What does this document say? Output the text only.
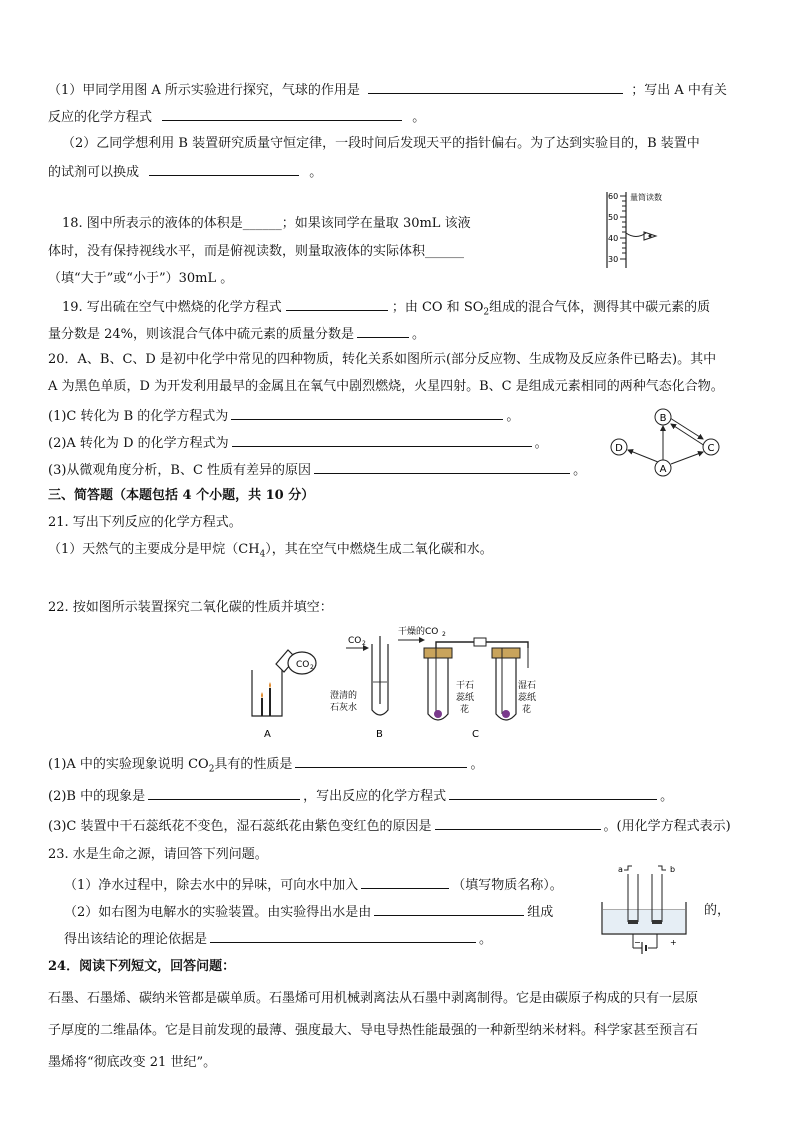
（1）甲同学用图 A 所示实验进行探究，气球的作用是	；写出 A 中有关
反应的化学方程式	。
（2）乙同学想利用 B 装置研究质量守恒定律，一段时间后发现天平的指针偏右。为了达到实验目的，B 装置中
的试剂可以换成	。
18. 图中所表示的液体的体积是______；如果该同学在量取 30mL 该液
体时，没有保持视线水平，而是俯视读数，则量取液体的实际体积______
（填“大于”或“小于”）30mL 。
60
50
40
30
量筒读数
19. 写出硫在空气中燃烧的化学方程式	；由 CO 和 $SO_2$组成的混合气体，测得其中碳元素的质
量分数是 24%，则该混合气体中硫元素的质量分数是	。
20．A、B、C、D 是初中化学中常见的四种物质，转化关系如图所示(部分反应物、生成物及反应条件已略去)。其中
A 为黑色单质，D 为开发利用最早的金属且在氧气中剧烈燃烧，火星四射。B、C 是组成元素相同的两种气态化合物。
(1)C 转化为 B 的化学方程式为	。
(2)A 转化为 D 的化学方程式为	。
(3)从微观角度分析，B、C 性质有差异的原因	。
B
D	C
A
三、简答题（本题包括 4 个小题，共 10 分）
21. 写出下列反应的化学方程式。
（1）天然气的主要成分是甲烷$(CH_4)$，其在空气中燃烧生成二氧化碳和水。
22. 按如图所示装置探究二氧化碳的性质并填空：
CO 2
A
CO 2
澄清的
石灰水
B
干燥的CO 2
干石
蕊纸
花
湿石
蕊纸
花
C
(1)A 中的实验现象说明 $CO_2$具有的性质是	。
(2)B 中的现象是	，写出反应的化学方程式	。
(3)C 装置中干石蕊纸花不变色，湿石蕊纸花由紫色变红色的原因是	。(用化学方程式表示)
23. 水是生命之源，请回答下列问题。
（1）净水过程中，除去水中的异味，可向水中加入	（填写物质名称）。
（2）如右图为电解水的实验装置。由实验得出水是由	组成	的，
得出该结论的理论依据是	。
a	b
−	+
24．阅读下列短文，回答问题：
石墨、石墨烯、碳纳米管都是碳单质。石墨烯可用机械剥离法从石墨中剥离制得。它是由碳原子构成的只有一层原
子厚度的二维晶体。它是目前发现的最薄、强度最大、导电导热性能最强的一种新型纳米材料。科学家甚至预言石
墨烯将“彻底改变 21 世纪”。
